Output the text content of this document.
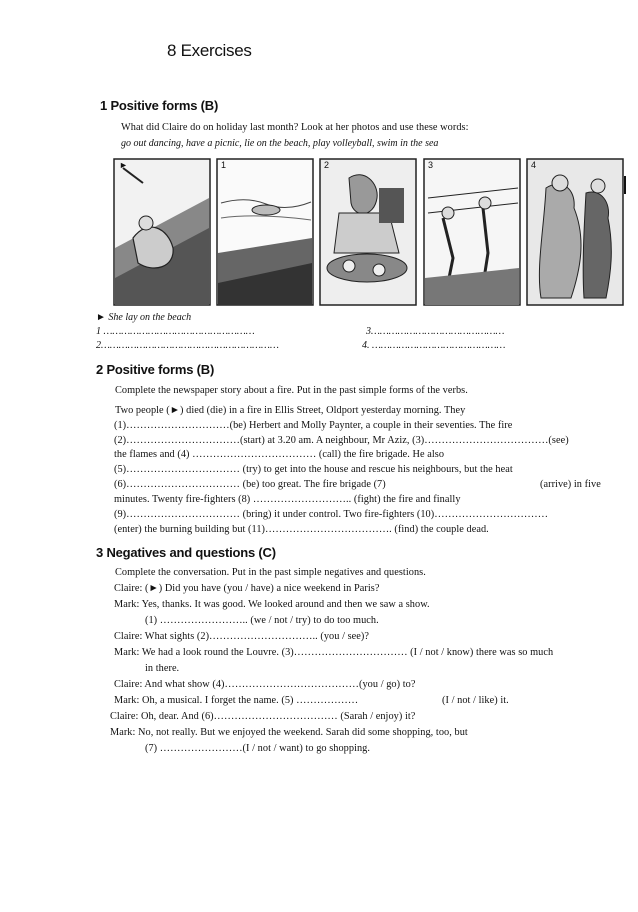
8 Exercises
1 Positive forms (B)
What did Claire do on holiday last month? Look at her photos and use these words:
go out dancing, have a picnic, lie on the beach, play volleyball, swim in the sea
►	1	2	3	4
► She lay on the beach
1 ……………………………………………	3………………………………………
2……………………………………………………	4. ………………………………………
2 Positive forms (B)
Complete the newspaper story about a fire. Put in the past simple forms of the verbs.
Two people (►) died (die) in a fire in Ellis Street, Oldport yesterday morning. They
(1)…………………………(be) Herbert and Molly Paynter, a couple in their seventies. The fire
(2)……………………………(start) at 3.20 am. A neighbour, Mr Aziz, (3)………………………………(see)
the flames and (4) ……………………………… (call) the fire brigade. He also
(5)…………………………… (try) to get into the house and rescue his neighbours, but the heat
(6)…………………………… (be) too great. The fire brigade (7)	(arrive) in five
minutes. Twenty fire-fighters (8) ……………………….. (fight) the fire and finally
(9)…………………………… (bring) it under control. Two fire-fighters (10)……………………………
(enter) the burning building but (11)………………………………. (find) the couple dead.
3 Negatives and questions (C)
Complete the conversation. Put in the past simple negatives and questions.
Claire: (►) Did you have (you / have) a nice weekend in Paris?
Mark: Yes, thanks. It was good. We looked around and then we saw a show.
(1) …………………….. (we / not / try) to do too much.
Claire: What sights (2)………………………….. (you / see)?
Mark: We had a look round the Louvre. (3)…………………………… (I / not / know) there was so much
in there.
Claire: And what show (4)…………………………………(you / go) to?
Mark: Oh, a musical. I forget the name. (5) ………………	(I / not / like) it.
Claire: Oh, dear. And (6)……………………………… (Sarah / enjoy) it?
Mark: No, not really. But we enjoyed the weekend. Sarah did some shopping, too, but
(7) ……………………(I / not / want) to go shopping.
